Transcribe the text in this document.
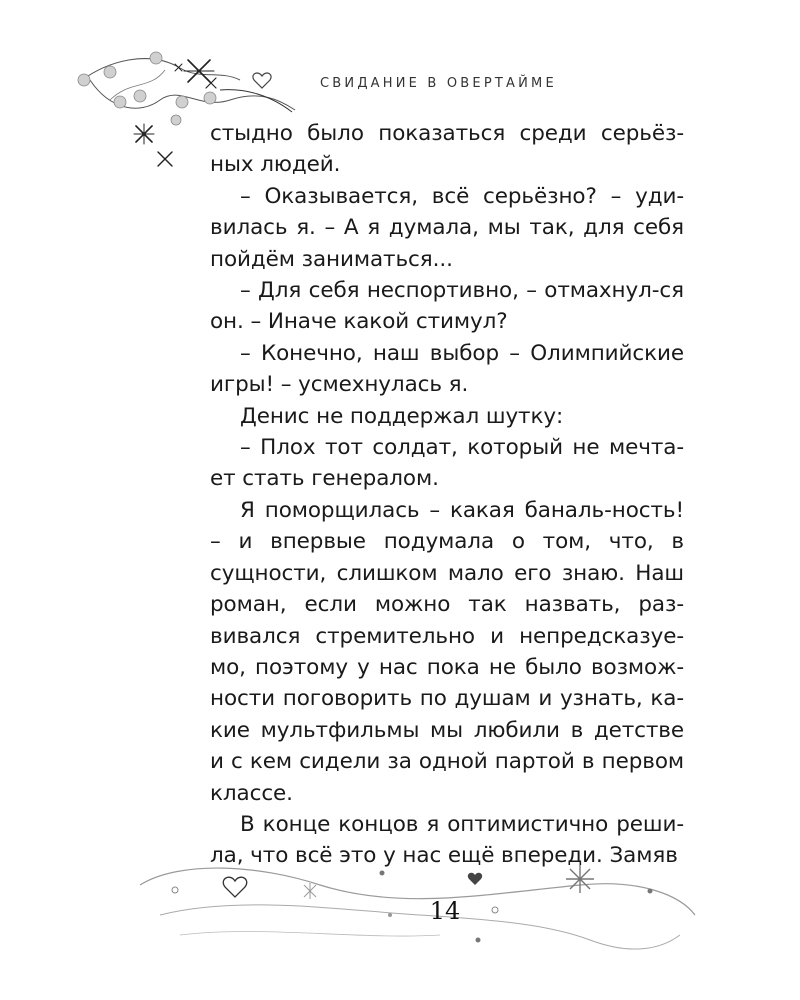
СВИДАНИЕ В ОВЕРТАЙМЕ

стыдно было показаться среди серьёз-ных людей.

– Оказывается, всё серьёзно? – уди-вилась я. – А я думала, мы так, для себя пойдём заниматься...

– Для себя неспортивно, – отмахнул-ся он. – Иначе какой стимул?

– Конечно, наш выбор – Олимпийские игры! – усмехнулась я.

Денис не поддержал шутку:

– Плох тот солдат, который не мечта-ет стать генералом.

Я поморщилась – какая баналь-ность! – и впервые подумала о том, что, в сущности, слишком мало его знаю. Наш роман, если можно так назвать, раз-вивался стремительно и непредсказуе-мо, поэтому у нас пока не было возмож-ности поговорить по душам и узнать, ка-кие мультфильмы мы любили в детстве и с кем сидели за одной партой в первом классе.

В конце концов я оптимистично реши-ла, что всё это у нас ещё впереди. Замяв

14
